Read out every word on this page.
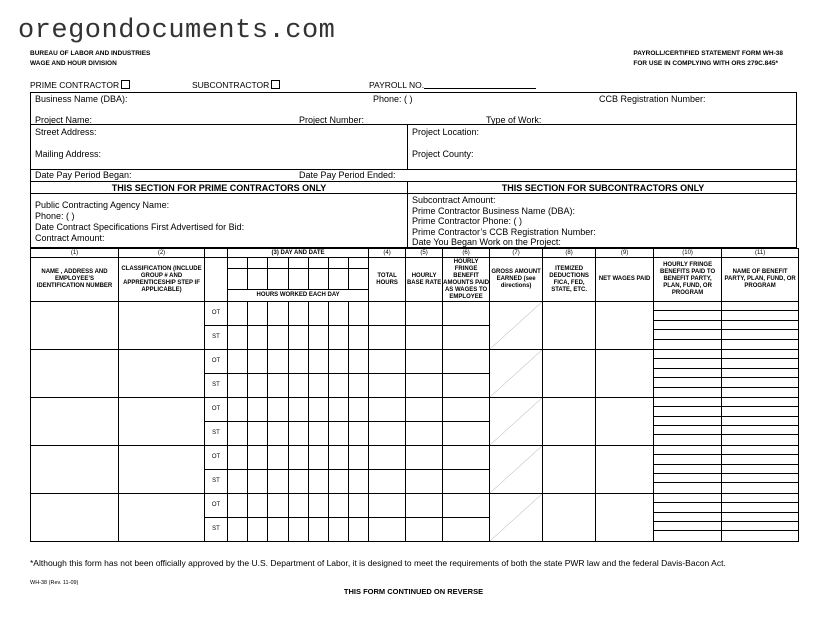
oregondocuments.com
BUREAU OF LABOR AND INDUSTRIES
WAGE AND HOUR DIVISION
PAYROLL/CERTIFIED STATEMENT FORM WH-38
FOR USE IN COMPLYING WITH ORS 279C.845*
PRIME CONTRACTOR	SUBCONTRACTOR	PAYROLL NO.
Business Name (DBA):	Phone: ( )	CCB Registration Number:
Project Name:	Project Number:	Type of Work:
Street Address:	Project Location:
Mailing Address:	Project County:
Date Pay Period Began:	Date Pay Period Ended:
THIS SECTION FOR PRIME CONTRACTORS ONLY	THIS SECTION FOR SUBCONTRACTORS ONLY
Public Contracting Agency Name:
Phone: ( )
Date Contract Specifications First Advertised for Bid:
Contract Amount:
Subcontract Amount:
Prime Contractor Business Name (DBA):
Prime Contractor Phone: ( )
Prime Contractor’s CCB Registration Number:
Date You Began Work on the Project:
(1)	(2)		(3) DAY AND DATE							(4)	(5)	(6)	(7)	(8)	(9)	(10)	(11)
NAME , ADDRESS AND EMPLOYEE’S IDENTIFICATION NUMBER	CLASSIFICATION (INCLUDE GROUP # AND APPRENTICESHIP STEP IF APPLICABLE)									TOTAL HOURS	HOURLY BASE RATE	HOURLY FRINGE BENEFIT AMOUNTS PAID AS WAGES TO EMPLOYEE	GROSS AMOUNT EARNED (see directions)	ITEMIZED DEDUCTIONS FICA, FED, STATE, ETC.	NET WAGES PAID	HOURLY FRINGE BENEFITS PAID TO BENEFIT PARTY, PLAN, FUND, OR PROGRAM	NAME OF BENEFIT PARTY, PLAN, FUND, OR PROGRAM

			HOURS WORKED EACH DAY														
		OT											

		ST															
		OT											

		ST															
		OT											

		ST															
		OT											

		ST															
		OT											

		ST															
*Although this form has not been officially approved by the U.S. Department of Labor, it is designed to meet the requirements of both the state PWR law and the federal Davis-Bacon Act.
WH-38 (Rev. 11-09)
THIS FORM CONTINUED ON REVERSE
